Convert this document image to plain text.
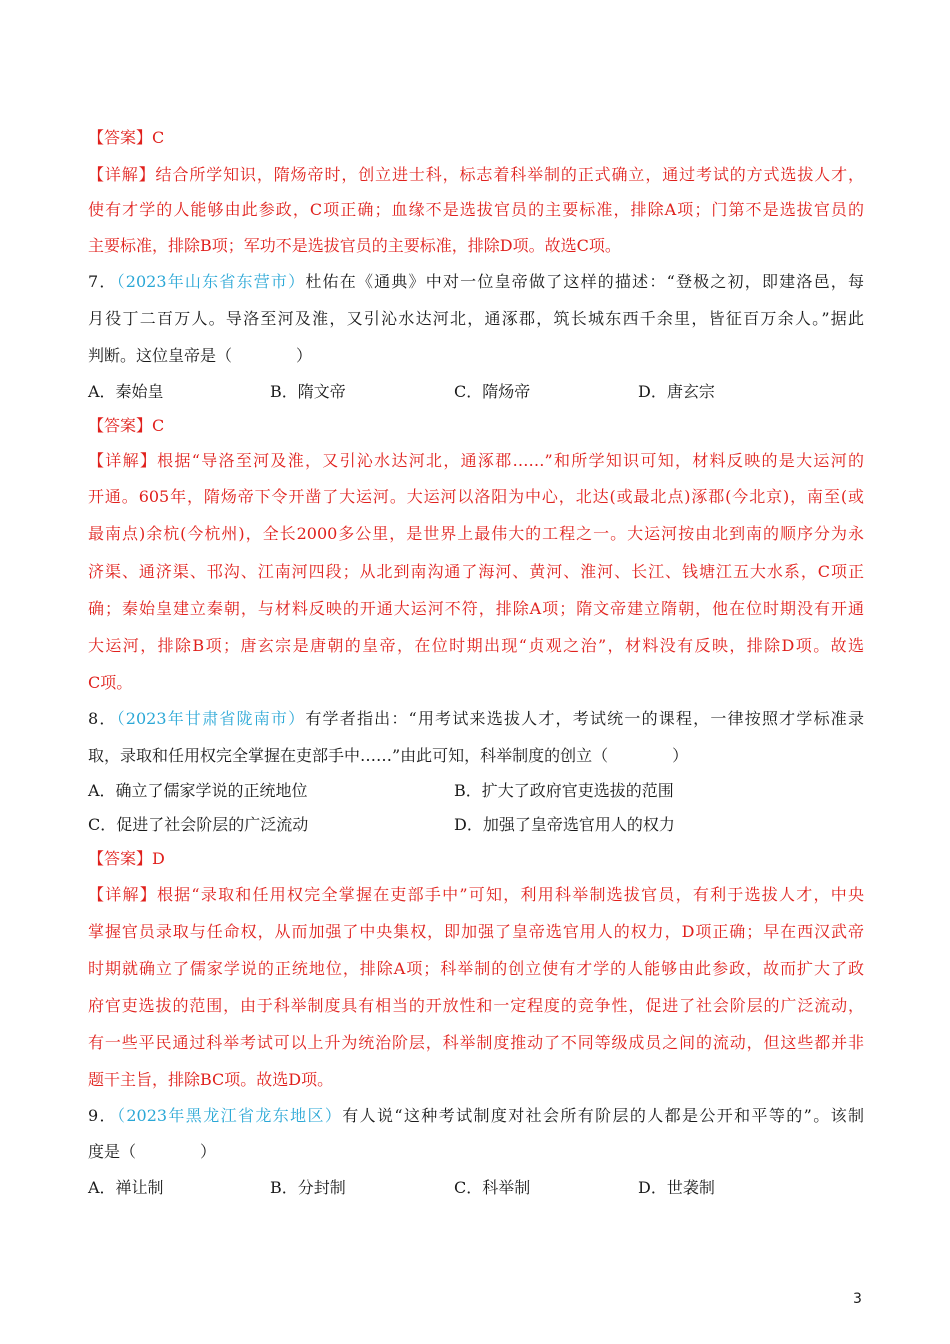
【答案】C
【详解】结合所学知识，隋炀帝时，创立进士科，标志着科举制的正式确立，通过考试的方式选拔人才，
使有才学的人能够由此参政，C项正确；血缘不是选拔官员的主要标准，排除A项；门第不是选拔官员的
主要标准，排除B项；军功不是选拔官员的主要标准，排除D项。故选C项。
7．（2023年山东省东营市）杜佑在《通典》中对一位皇帝做了这样的描述：“登极之初，即建洛邑，每
月役丁二百万人。导洛至河及淮，又引沁水达河北，通涿郡，筑长城东西千余里，皆征百万余人。”据此
判断。这位皇帝是（　　　　）
A．秦始皇	B．隋文帝	C．隋炀帝	D．唐玄宗
【答案】C
【详解】根据“导洛至河及淮，又引沁水达河北，通涿郡……”和所学知识可知，材料反映的是大运河的
开通。605年，隋炀帝下令开凿了大运河。大运河以洛阳为中心，北达(或最北点)涿郡(今北京)，南至(或
最南点)余杭(今杭州)，全长2000多公里，是世界上最伟大的工程之一。大运河按由北到南的顺序分为永
济渠、通济渠、邗沟、江南河四段；从北到南沟通了海河、黄河、淮河、长江、钱塘江五大水系，C项正
确；秦始皇建立秦朝，与材料反映的开通大运河不符，排除A项；隋文帝建立隋朝，他在位时期没有开通
大运河，排除B项；唐玄宗是唐朝的皇帝，在位时期出现“贞观之治”，材料没有反映，排除D项。故选
C项。
8．（2023年甘肃省陇南市）有学者指出：“用考试来选拔人才，考试统一的课程，一律按照才学标准录
取，录取和任用权完全掌握在吏部手中……”由此可知，科举制度的创立（　　　　）
A．确立了儒家学说的正统地位	B．扩大了政府官吏选拔的范围
C．促进了社会阶层的广泛流动	D．加强了皇帝选官用人的权力
【答案】D
【详解】根据“录取和任用权完全掌握在吏部手中”可知，利用科举制选拔官员，有利于选拔人才，中央
掌握官员录取与任命权，从而加强了中央集权，即加强了皇帝选官用人的权力，D项正确；早在西汉武帝
时期就确立了儒家学说的正统地位，排除A项；科举制的创立使有才学的人能够由此参政，故而扩大了政
府官吏选拔的范围，由于科举制度具有相当的开放性和一定程度的竞争性，促进了社会阶层的广泛流动，
有一些平民通过科举考试可以上升为统治阶层，科举制度推动了不同等级成员之间的流动，但这些都并非
题干主旨，排除BC项。故选D项。
9．（2023年黑龙江省龙东地区）有人说“这种考试制度对社会所有阶层的人都是公开和平等的”。该制
度是（　　　　）
A．禅让制	B．分封制	C．科举制	D．世袭制
3
